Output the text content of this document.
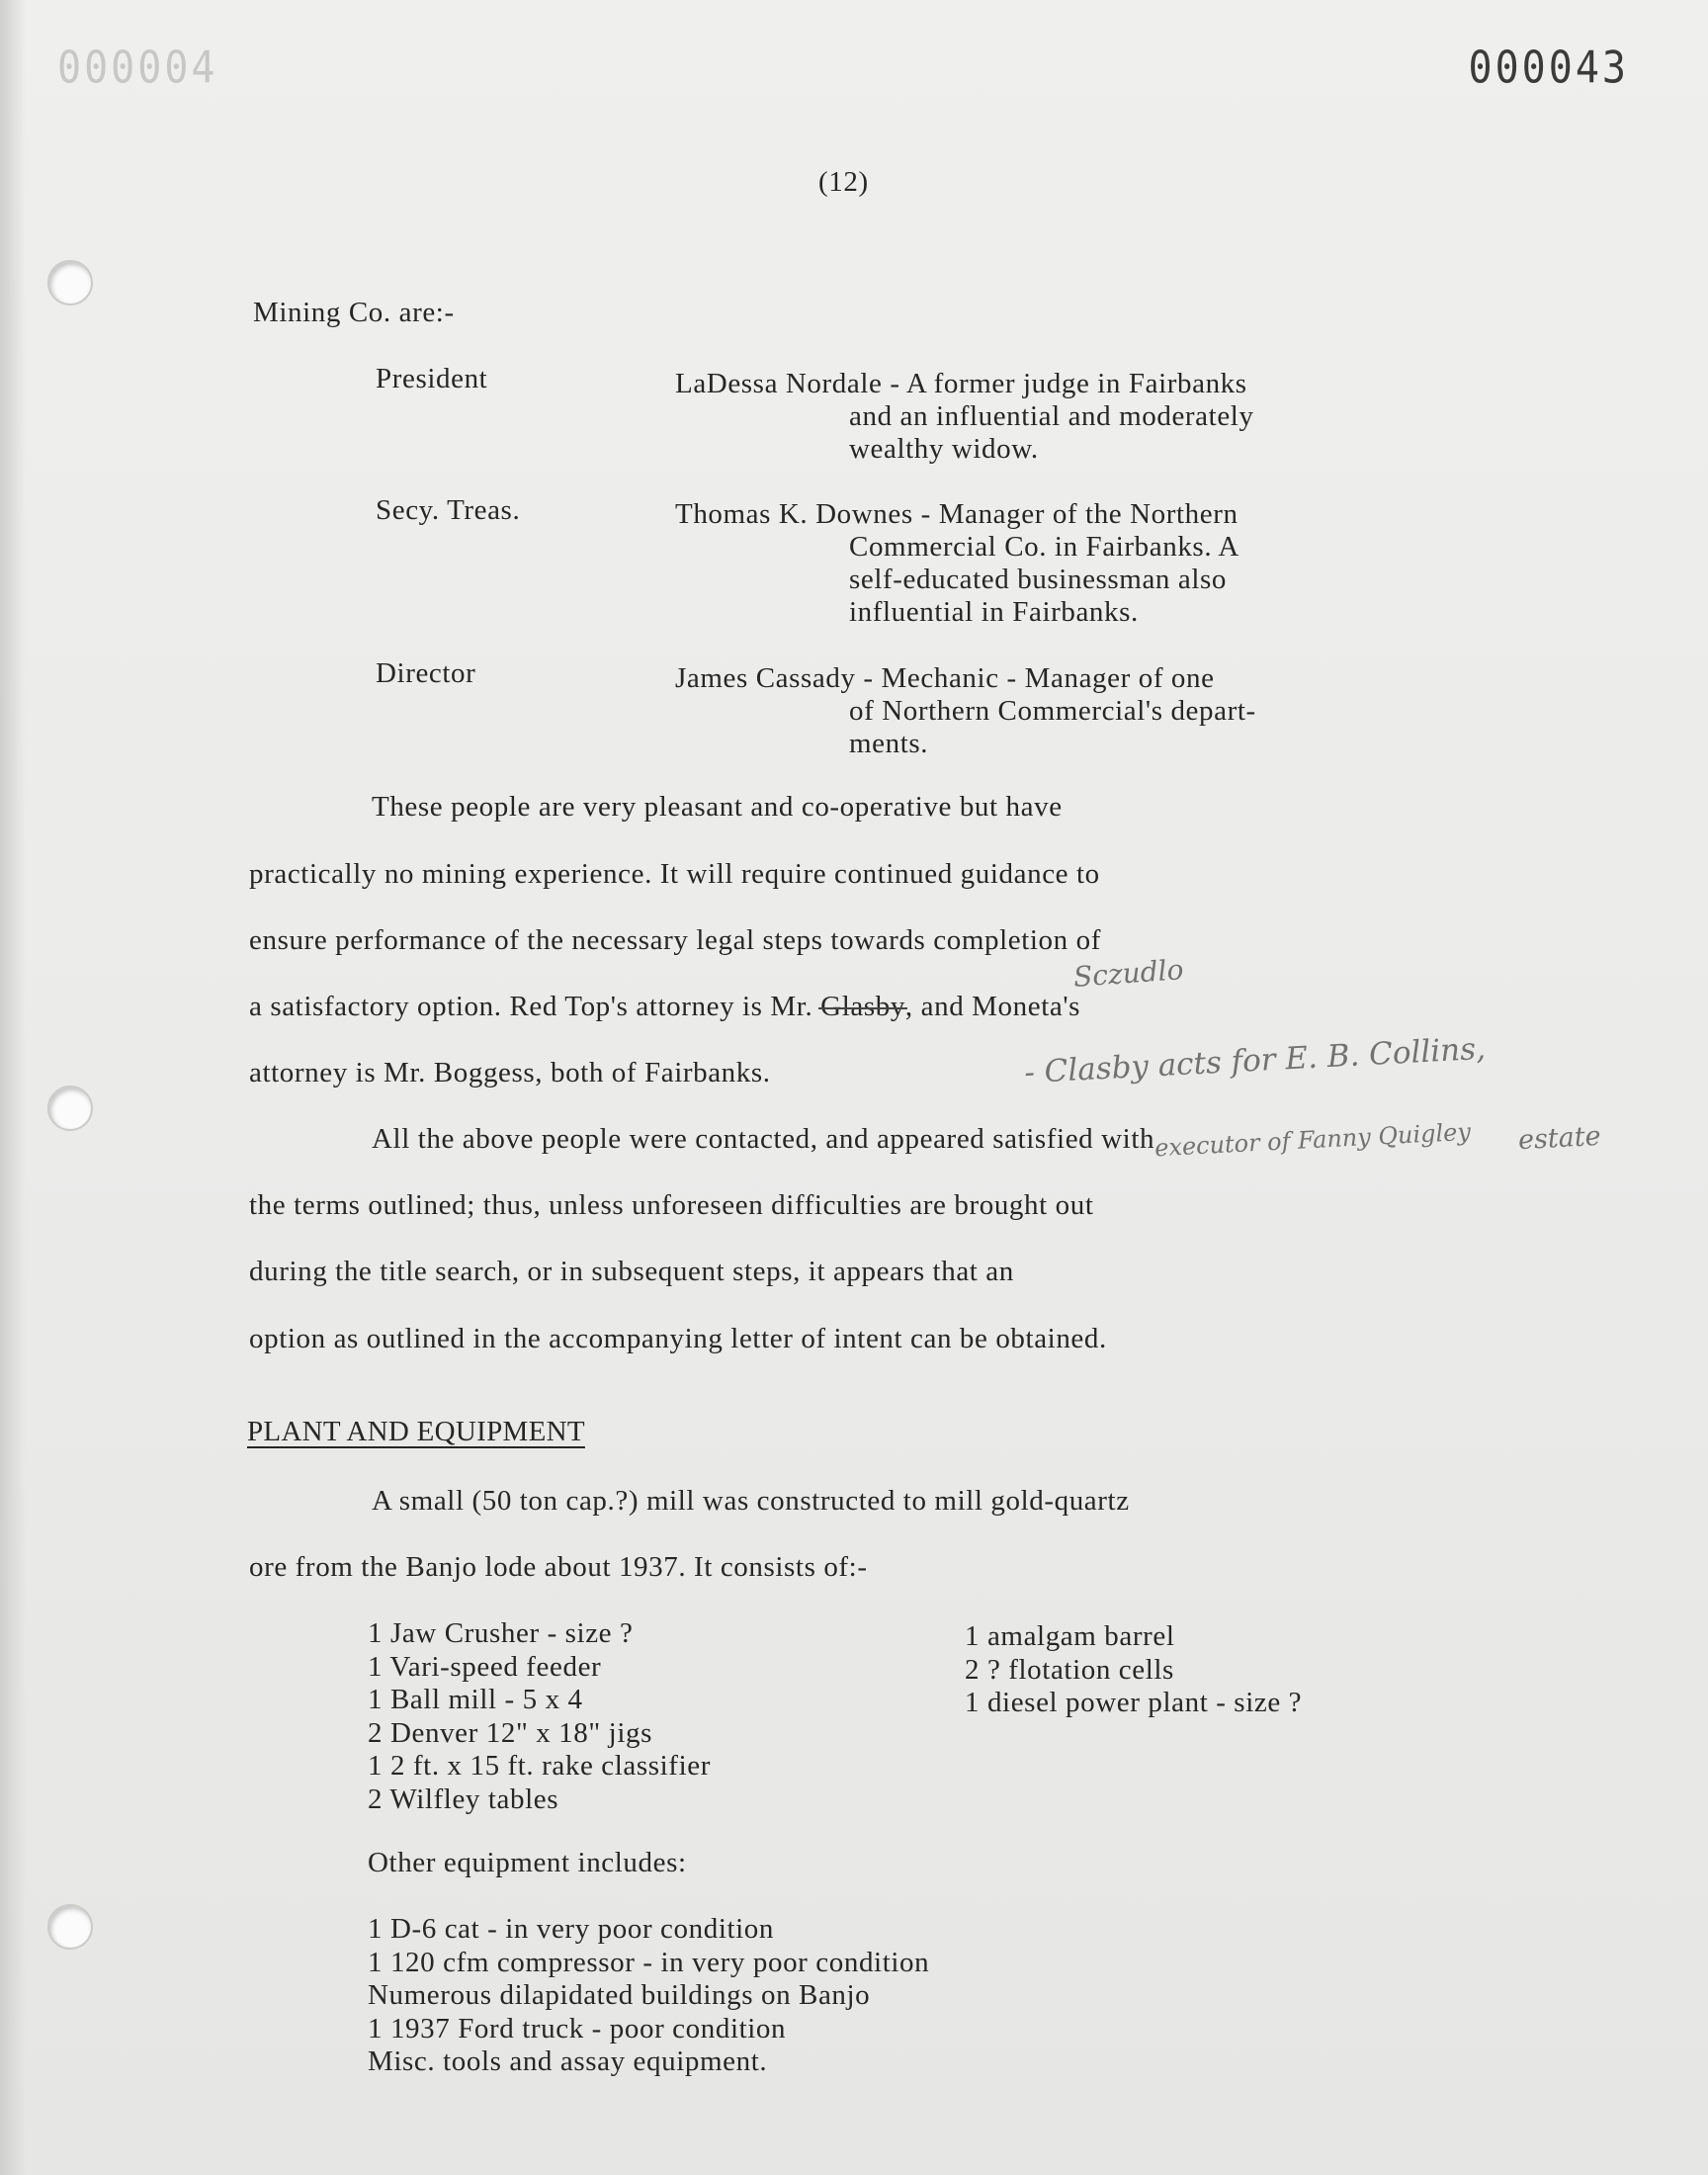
000004	000043
(12)
Mining Co. are:-
President	LaDessa Nordale - A former judge in Fairbanks
and an influential and moderately
wealthy widow.
Secy. Treas.	Thomas K. Downes - Manager of the Northern
Commercial Co. in Fairbanks. A
self-educated businessman also
influential in Fairbanks.
Director	James Cassady - Mechanic - Manager of one
of Northern Commercial's depart-
ments.
These people are very pleasant and co-operative but have
practically no mining experience. It will require continued guidance to
ensure performance of the necessary legal steps towards completion of
a satisfactory option. Red Top's attorney is Mr. Glasby, and Moneta's
attorney is Mr. Boggess, both of Fairbanks.
Sczudlo
- Clasby acts for E. B. Collins,
executor of Fanny Quigley estate
All the above people were contacted, and appeared satisfied with
the terms outlined; thus, unless unforeseen difficulties are brought out
during the title search, or in subsequent steps, it appears that an
option as outlined in the accompanying letter of intent can be obtained.
PLANT AND EQUIPMENT
A small (50 ton cap.?) mill was constructed to mill gold-quartz
ore from the Banjo lode about 1937. It consists of:-
1 Jaw Crusher - size ?
1 Vari-speed feeder
1 Ball mill - 5 x 4
2 Denver 12" x 18" jigs
1 2 ft. x 15 ft. rake classifier
2 Wilfley tables
1 amalgam barrel
2 ? flotation cells
1 diesel power plant - size ?
Other equipment includes:
1 D-6 cat - in very poor condition
1 120 cfm compressor - in very poor condition
Numerous dilapidated buildings on Banjo
1 1937 Ford truck - poor condition
Misc. tools and assay equipment.
